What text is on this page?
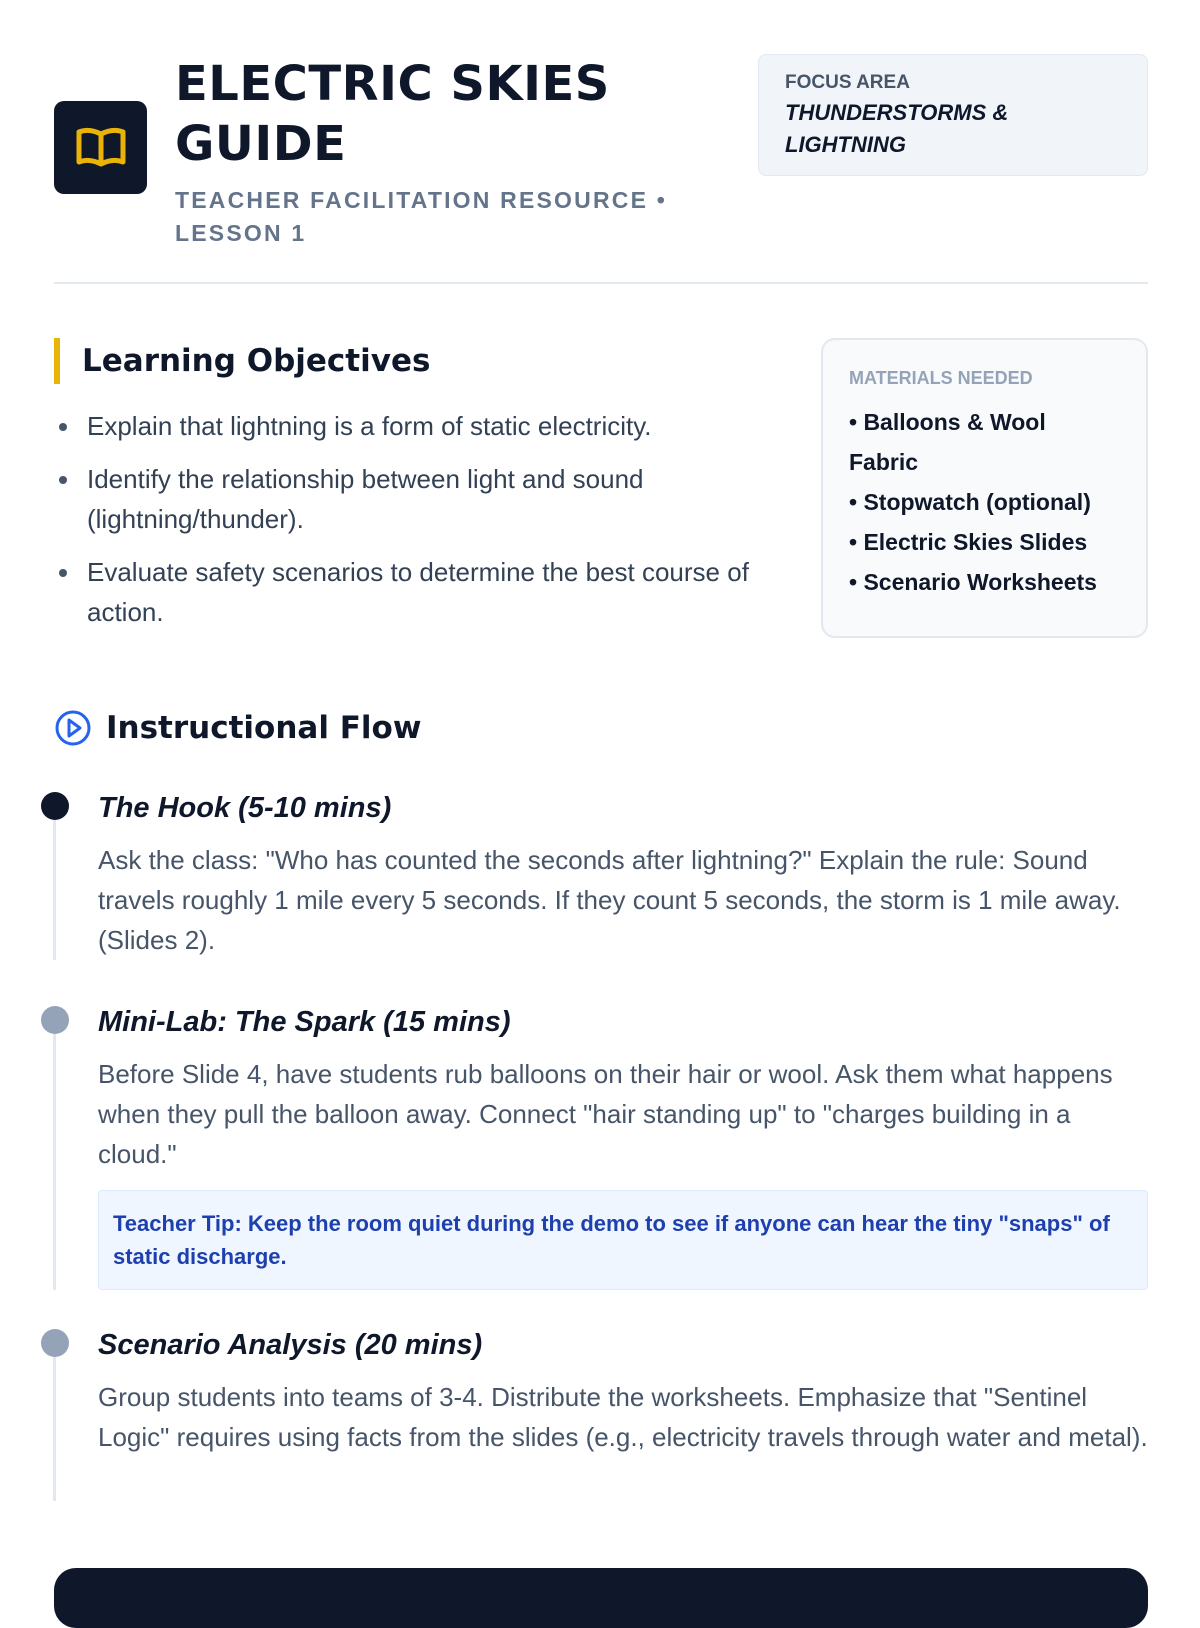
ELECTRIC SKIES
GUIDE
TEACHER FACILITATION RESOURCE • LESSON 1
FOCUS AREA
THUNDERSTORMS &
LIGHTNING
Learning Objectives
Explain that lightning is a form of static electricity.
Identify the relationship between light and sound (lightning/thunder).
Evaluate safety scenarios to determine the best course of action.
MATERIALS NEEDED
• Balloons & Wool Fabric
• Stopwatch (optional)
• Electric Skies Slides
• Scenario Worksheets
Instructional Flow
The Hook (5-10 mins)
Ask the class: "Who has counted the seconds after lightning?" Explain the rule: Sound travels roughly 1 mile every 5 seconds. If they count 5 seconds, the storm is 1 mile away. (Slides 2).
Mini-Lab: The Spark (15 mins)
Before Slide 4, have students rub balloons on their hair or wool. Ask them what happens when they pull the balloon away. Connect "hair standing up" to "charges building in a cloud."
Teacher Tip: Keep the room quiet during the demo to see if anyone can hear the tiny "snaps" of static discharge.
Scenario Analysis (20 mins)
Group students into teams of 3-4. Distribute the worksheets. Emphasize that "Sentinel Logic" requires using facts from the slides (e.g., electricity travels through water and metal).
